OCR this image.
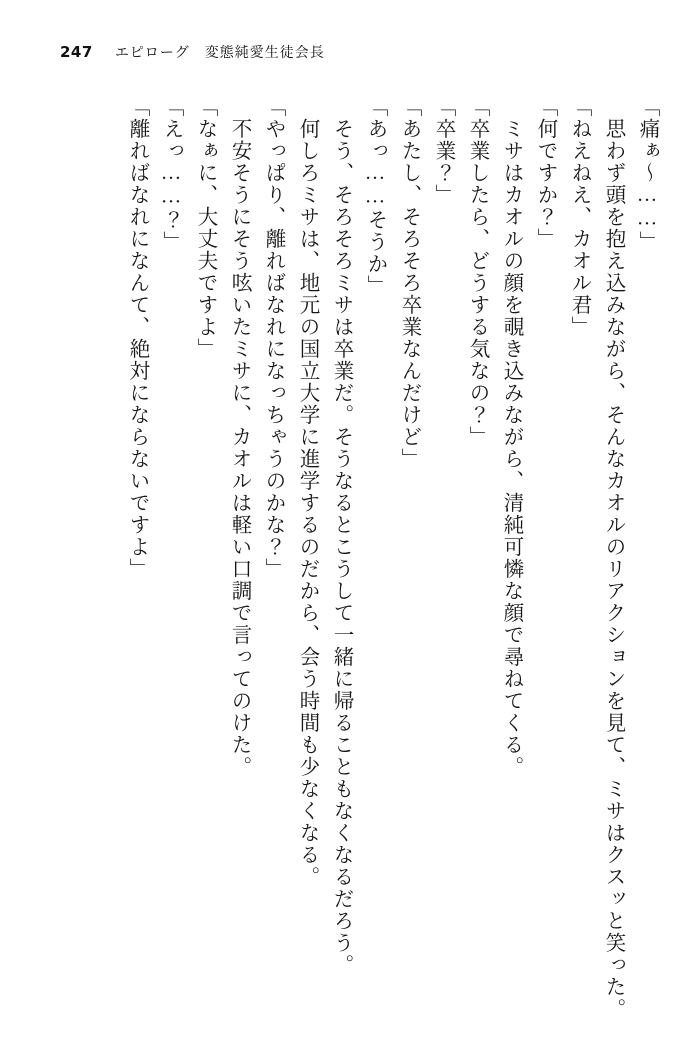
247 エピローグ　変態純愛生徒会長
「痛ぁ～……」
　思わず頭を抱え込みながら、そんなカオルのリアクションを見て、ミサはクスッと笑った。
「ねえねえ、カオル君」
「何ですか？」
　ミサはカオルの顔を覗き込みながら、清純可憐な顔で尋ねてくる。
「卒業したら、どうする気なの？」
「卒業？」
「あたし、そろそろ卒業なんだけど」
「あっ……そうか」
　そう、そろそろミサは卒業だ。そうなるとこうして一緒に帰ることもなくなるだろう。
　何しろミサは、地元の国立大学に進学するのだから、会う時間も少なくなる。
「やっぱり、離ればなれになっちゃうのかな？」
　不安そうにそう呟いたミサに、カオルは軽い口調で言ってのけた。
「なぁに、大丈夫ですよ」
「えっ……？」
「離ればなれになんて、絶対にならないですよ」
